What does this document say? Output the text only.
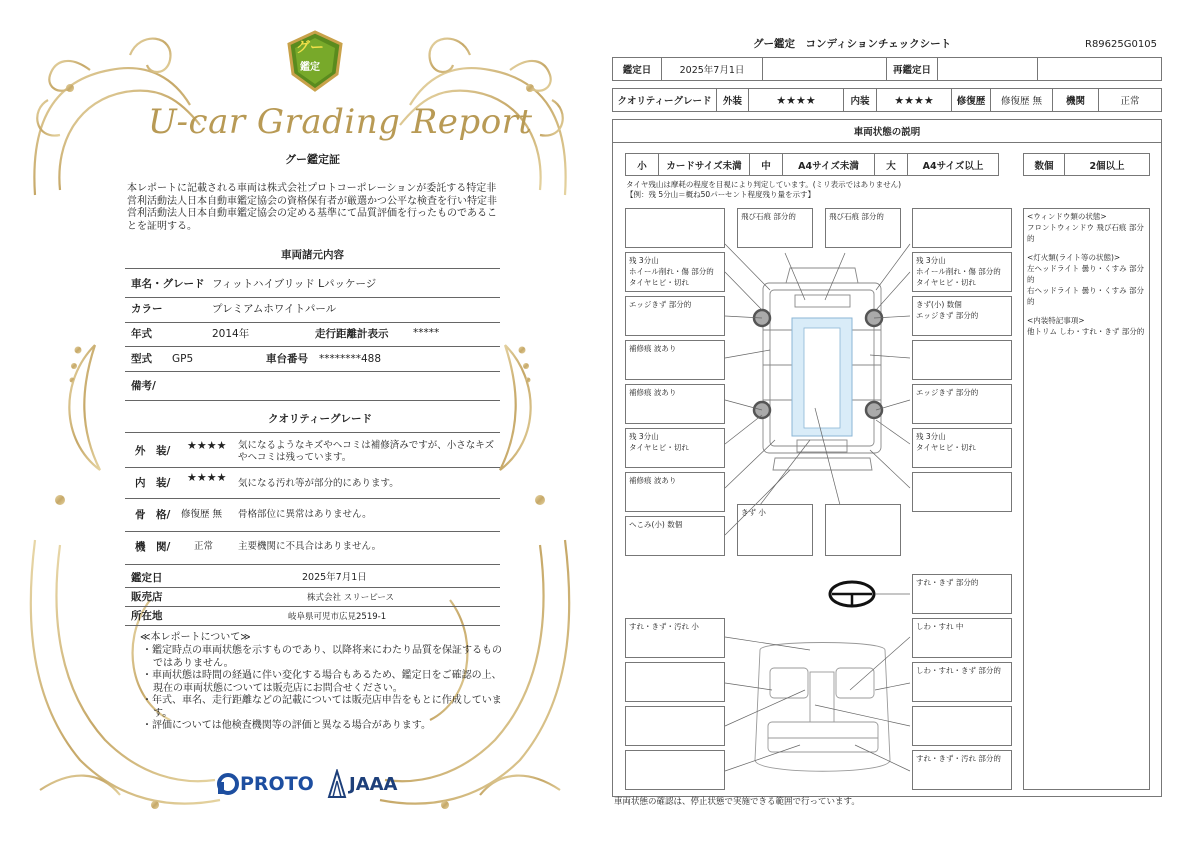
グー
鑑定
U-car Grading Report
グー鑑定証
本レポートに記載される車両は株式会社プロトコーポレーションが委託する特定非営利活動法人日本自動車鑑定協会の資格保有者が厳選かつ公平な検査を行い特定非営利活動法人日本自動車鑑定協会の定める基準にて品質評価を行ったものであることを証明する。
車両諸元内容
車名・グレード フィットハイブリッド Lパッケージ
カラー	プレミアムホワイトパール
年式	2014年	走行距離計表示 *****
型式 GP5	車台番号 ********488
備考/
クオリティーグレード
外　装/ ★★★★ 気になるようなキズやヘコミは補修済みですが、小さなキズやヘコミは残っています。
内　装/ ★★★★ 気になる汚れ等が部分的にあります。
骨　格/ 修復歴 無 骨格部位に異常はありません。
機　関/ 正常	主要機関に不具合はありません。
鑑定日	2025年7月1日
販売店	株式会社 スリーピース
所在地	岐阜県可児市広見2519-1
≪本レポートについて≫
・鑑定時点の車両状態を示すものであり、以降将来にわたり品質を保証するものではありません。
・車両状態は時間の経過に伴い変化する場合もあるため、鑑定日をご確認の上、現在の車両状態については販売店にお問合せください。
・年式、車名、走行距離などの記載については販売店申告をもとに作成しています。
・評価については他検査機関等の評価と異なる場合があります。
PROTO JAAA
グー鑑定　コンディションチェックシート	R89625G0105
鑑定日	2025年7月1日	再鑑定日
クオリティーグレード	外装	★★★★	内装	★★★★	修復歴	修復歴 無	機関	正常
車両状態の説明
小	カードサイズ未満	中	A4サイズ未満	大	A4サイズ以上	数個	2個以上
タイヤ残山は摩耗の程度を目視により判定しています。(ミリ表示ではありません)
【例：残 5分山＝概ね50パーセント程度残り量を示す】
飛び石痕 部分的	飛び石痕 部分的
残 3分山
ホイール削れ・傷 部分的
タイヤヒビ・切れ
残 3分山
ホイール削れ・傷 部分的
タイヤヒビ・切れ
エッジきず 部分的	きず(小) 数個
エッジきず 部分的
補修痕 波あり
補修痕 波あり	エッジきず 部分的
残 3分山
タイヤヒビ・切れ
残 3分山
タイヤヒビ・切れ
補修痕 波あり
へこみ(小) 数個
きず 小
すれ・きず 部分的
すれ・きず・汚れ 小	しわ・すれ 中
しわ・すれ・きず 部分的
すれ・きず・汚れ 部分的
<ウィンドウ類の状態>
フロントウィンドウ 飛び石痕 部分的
<灯火類(ライト等の状態)>
左ヘッドライト 曇り・くすみ 部分的
右ヘッドライト 曇り・くすみ 部分的
<内装特記事項>
他トリム しわ・すれ・きず 部分的
車両状態の確認は、停止状態で実施できる範囲で行っています。
